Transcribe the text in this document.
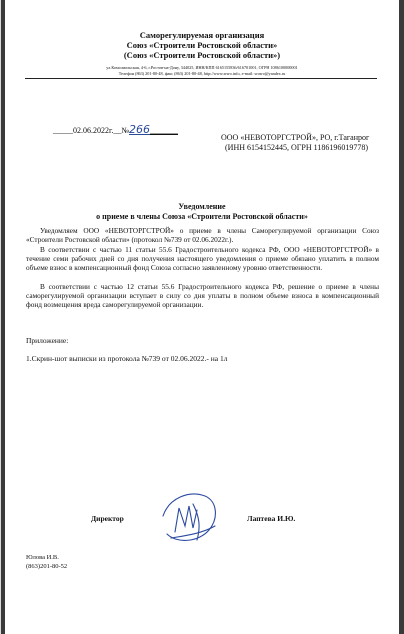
Саморегулируемая организация
Союз «Строители Ростовской области»
(Союз «Строители Ростовской области»)
ул.Комсомольская, 4-6, г.Ростов-на-Дону, 344025, ИНН/КПП 6165155836/616701001, ОГРН 1086100000001
Телефон (863) 201-80-48, факс (863) 201-80-48, http://www.srsro.info, e-mail: srosro@yandex.ru
_____02.06.2022г.__№266_______
ООО «НЕВОТОРГСТРОЙ», РО, г.Таганрог
(ИНН 6154152445, ОГРН 1186196019778)
Уведомление
о приеме в члены Союза «Строители Ростовской области»
Уведомляем ООО «НЕВОТОРГСТРОЙ» о приеме в члены Саморегулируемой организации Союз «Строители Ростовской области» (протокол №739 от 02.06.2022г.).
В соответствии с частью 11 статьи 55.6 Градостроительного кодекса РФ, ООО «НЕВОТОРГСТРОЙ» в течение семи рабочих дней со дня получения настоящего уведомления о приеме обязано уплатить в полном объеме взнос в компенсационный фонд Союза согласно заявленному уровню ответственности.
В соответствии с частью 12 статьи 55.6 Градостроительного кодекса РФ, решение о приеме в члены саморегулируемой организации вступает в силу со дня уплаты в полном объеме взноса в компенсационный фонд возмещения вреда саморегулируемой организации.
Приложение:
1.Скрин-шот выписки из протокола №739 от 02.06.2022.- на 1л
Директор	Лаптева И.Ю.
Юлова И.В.
(863)201-80-52
